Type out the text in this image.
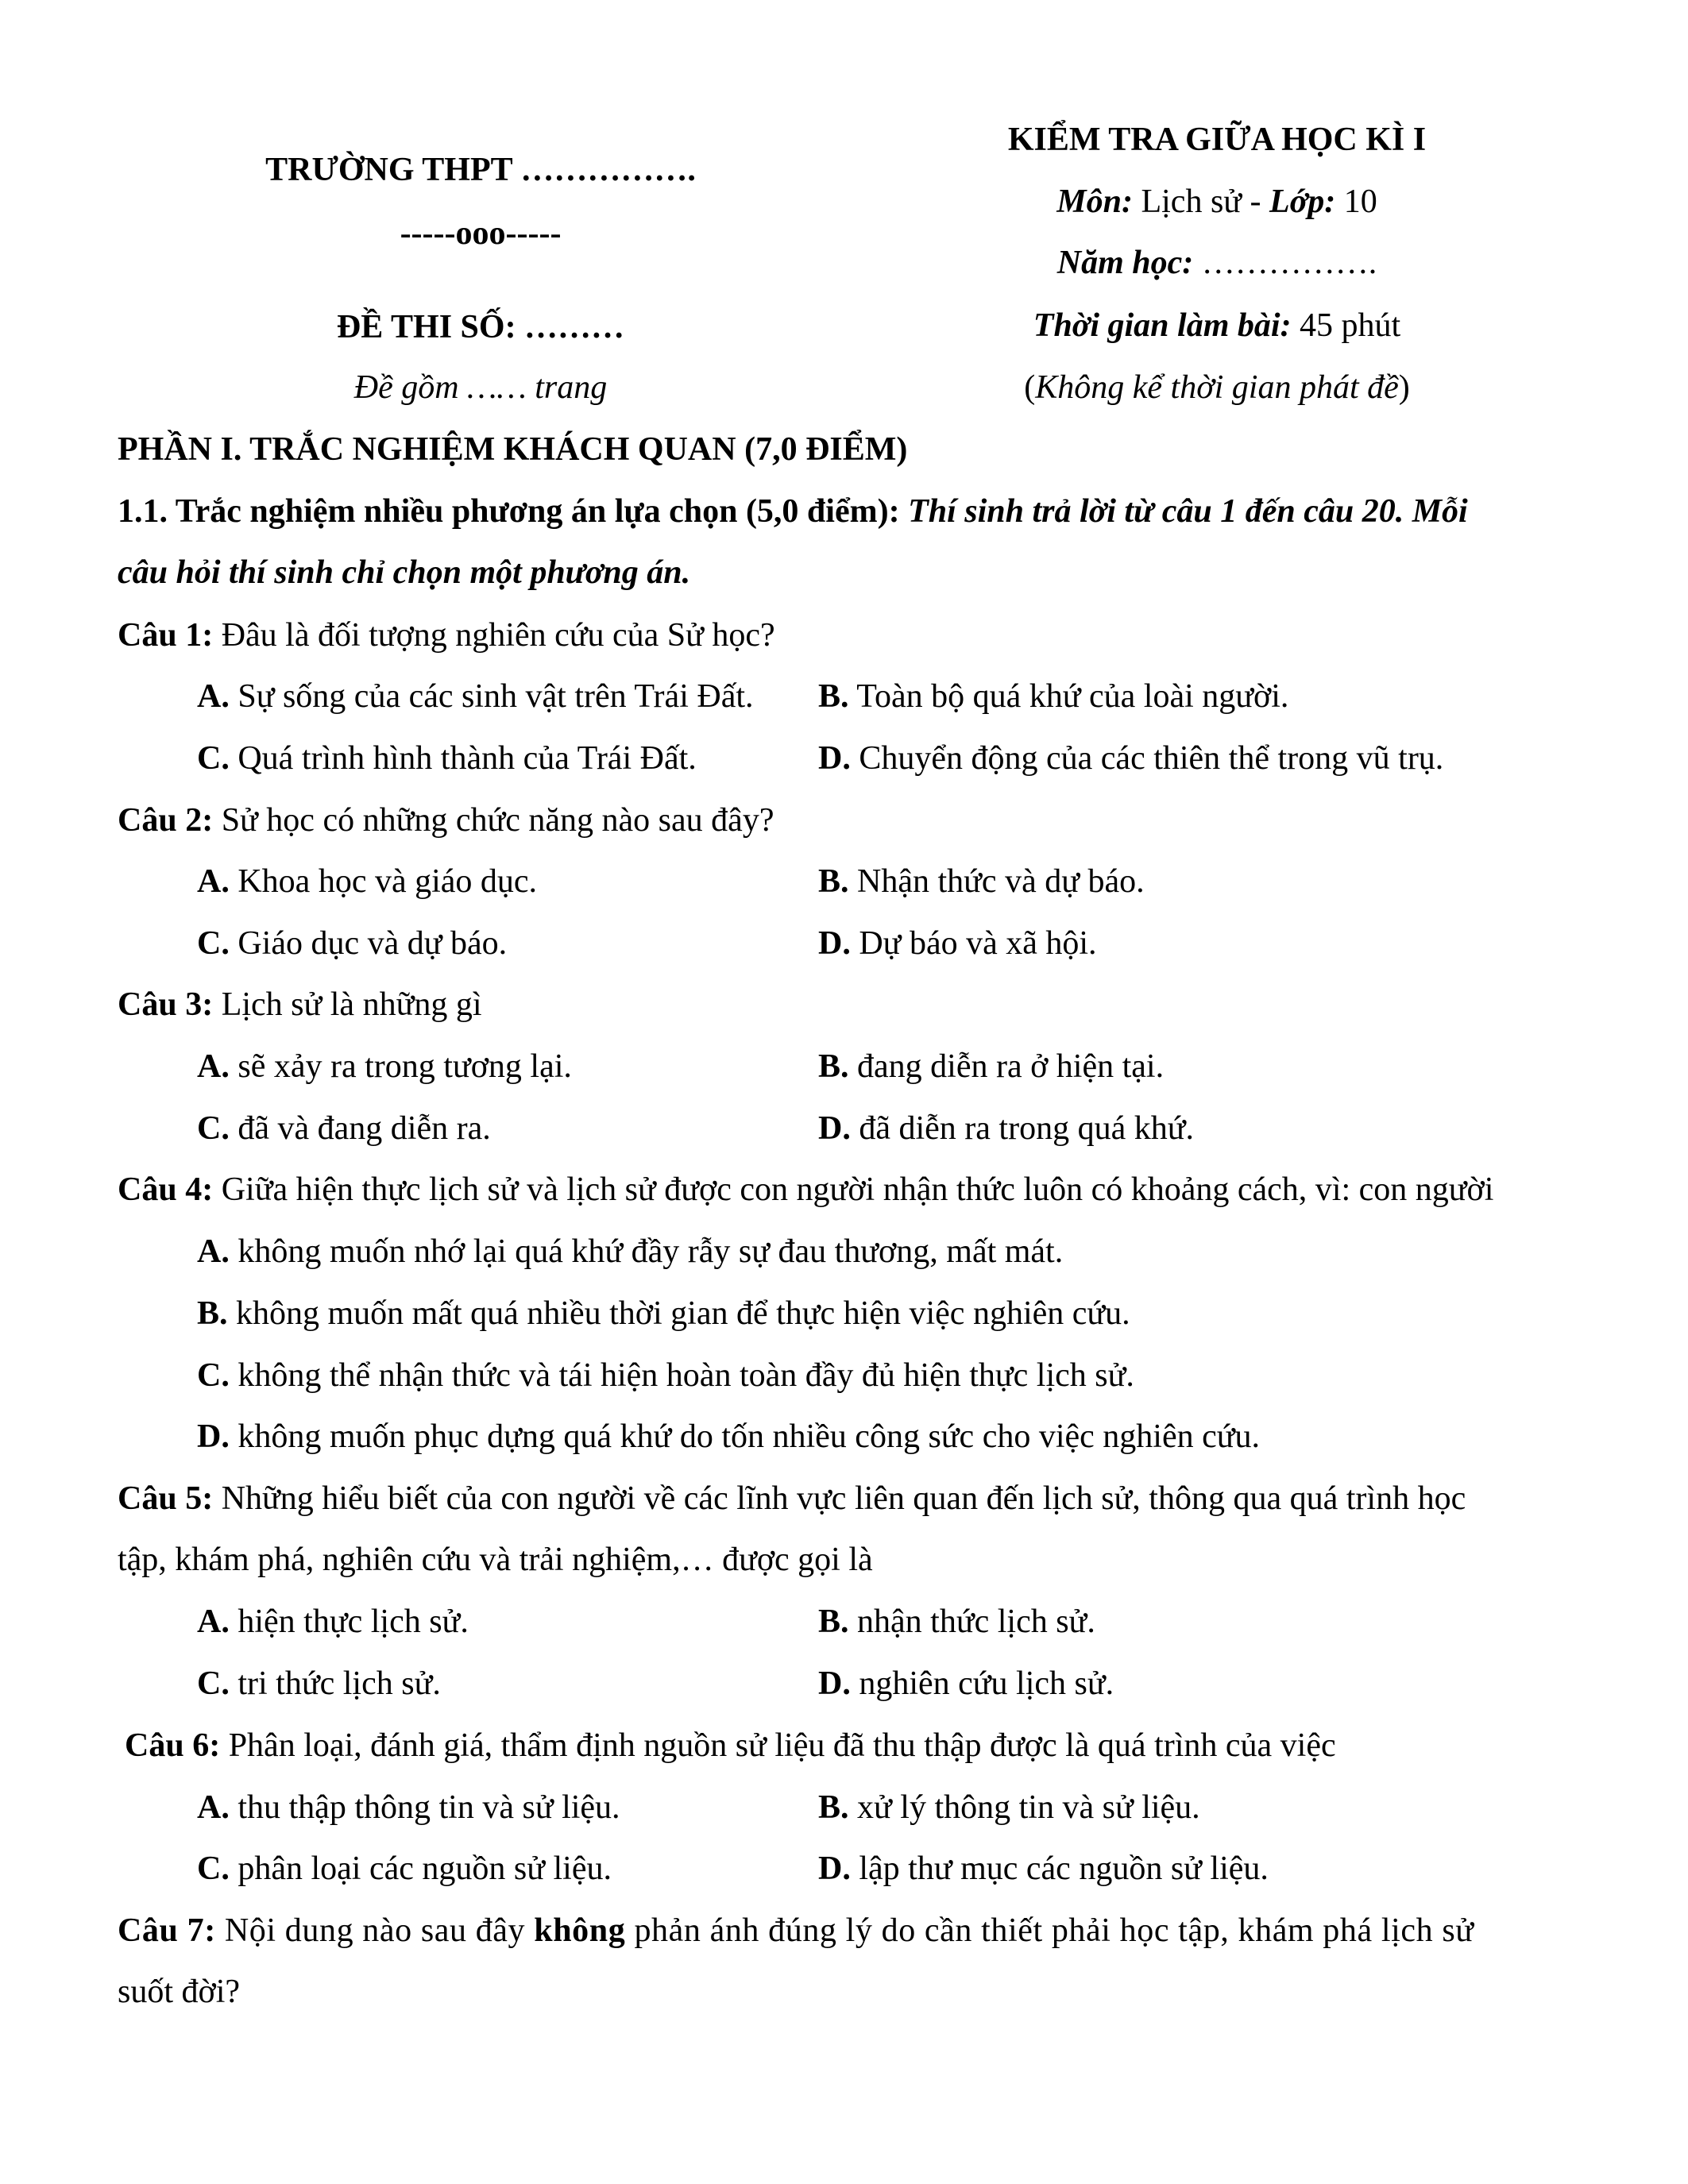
TRƯỜNG THPT …………….
-----ooo-----
ĐỀ THI SỐ: ………
Đề gồm …… trang
KIỂM TRA GIỮA HỌC KÌ I
Môn: Lịch sử - Lớp: 10
Năm học: …………….
Thời gian làm bài: 45 phút
(Không kể thời gian phát đề)
PHẦN I. TRẮC NGHIỆM KHÁCH QUAN (7,0 ĐIỂM)
1.1. Trắc nghiệm nhiều phương án lựa chọn (5,0 điểm): Thí sinh trả lời từ câu 1 đến câu 20. Mỗi
câu hỏi thí sinh chỉ chọn một phương án.
Câu 1: Đâu là đối tượng nghiên cứu của Sử học?
A. Sự sống của các sinh vật trên Trái Đất. B. Toàn bộ quá khứ của loài người.
C. Quá trình hình thành của Trái Đất.	D. Chuyển động của các thiên thể trong vũ trụ.
Câu 2: Sử học có những chức năng nào sau đây?
A. Khoa học và giáo dục.	B. Nhận thức và dự báo.
C. Giáo dục và dự báo.	D. Dự báo và xã hội.
Câu 3: Lịch sử là những gì
A. sẽ xảy ra trong tương lại.	B. đang diễn ra ở hiện tại.
C. đã và đang diễn ra.	D. đã diễn ra trong quá khứ.
Câu 4: Giữa hiện thực lịch sử và lịch sử được con người nhận thức luôn có khoảng cách, vì: con người
A. không muốn nhớ lại quá khứ đầy rẫy sự đau thương, mất mát.
B. không muốn mất quá nhiều thời gian để thực hiện việc nghiên cứu.
C. không thể nhận thức và tái hiện hoàn toàn đầy đủ hiện thực lịch sử.
D. không muốn phục dựng quá khứ do tốn nhiều công sức cho việc nghiên cứu.
Câu 5: Những hiểu biết của con người về các lĩnh vực liên quan đến lịch sử, thông qua quá trình học
tập, khám phá, nghiên cứu và trải nghiệm,… được gọi là
A. hiện thực lịch sử.	B. nhận thức lịch sử.
C. tri thức lịch sử.	D. nghiên cứu lịch sử.
Câu 6: Phân loại, đánh giá, thẩm định nguồn sử liệu đã thu thập được là quá trình của việc
A. thu thập thông tin và sử liệu.	B. xử lý thông tin và sử liệu.
C. phân loại các nguồn sử liệu.	D. lập thư mục các nguồn sử liệu.
Câu 7: Nội dung nào sau đây không phản ánh đúng lý do cần thiết phải học tập, khám phá lịch sử
suốt đời?
